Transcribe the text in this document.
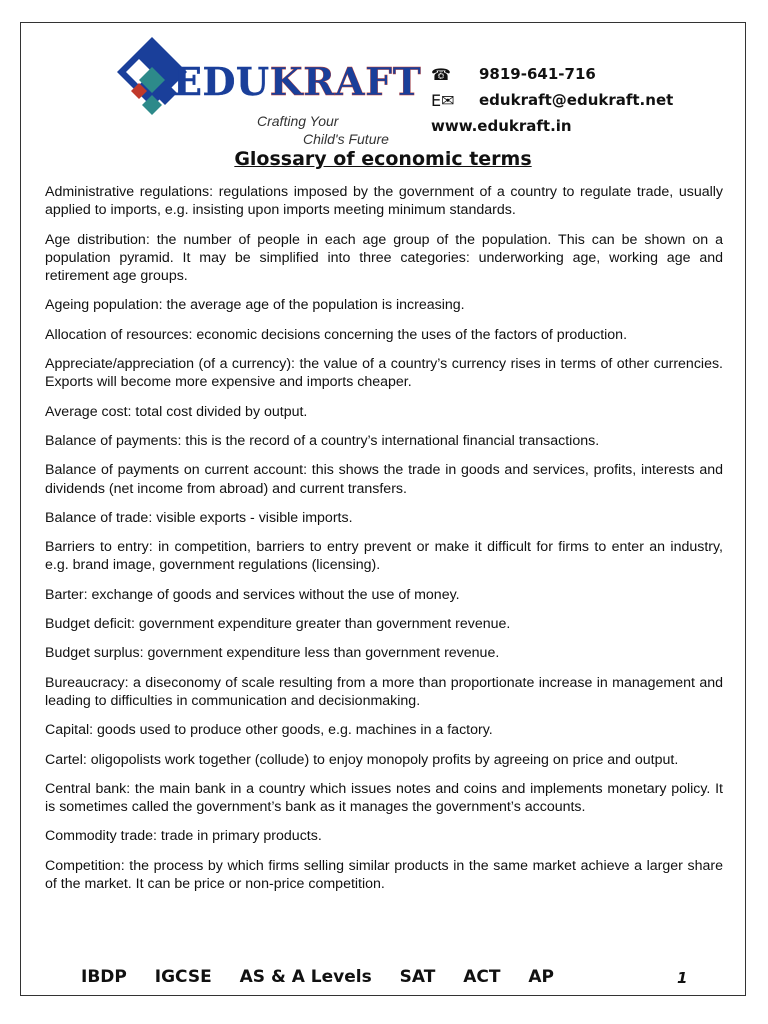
EDUKRAFT
Crafting Your
Child's Future
☎	9819-641-716
E✉	edukraft@edukraft.net
www.edukraft.in
Glossary of economic terms

Administrative regulations: regulations imposed by the government of a country to regulate trade, usually applied to imports, e.g. insisting upon imports meeting minimum standards.

Age distribution: the number of people in each age group of the population. This can be shown on a population pyramid. It may be simplified into three categories: underworking age, working age and retirement age groups.

Ageing population: the average age of the population is increasing.

Allocation of resources: economic decisions concerning the uses of the factors of production.

Appreciate/appreciation (of a currency): the value of a country’s currency rises in terms of other currencies. Exports will become more expensive and imports cheaper.

Average cost: total cost divided by output.

Balance of payments: this is the record of a country’s international financial transactions.

Balance of payments on current account: this shows the trade in goods and services, profits, interests and dividends (net income from abroad) and current transfers.

Balance of trade: visible exports - visible imports.

Barriers to entry: in competition, barriers to entry prevent or make it difficult for firms to enter an industry, e.g. brand image, government regulations (licensing).

Barter: exchange of goods and services without the use of money.

Budget deficit: government expenditure greater than government revenue.

Budget surplus: government expenditure less than government revenue.

Bureaucracy: a diseconomy of scale resulting from a more than proportionate increase in management and leading to difficulties in communication and decisionmaking.

Capital: goods used to produce other goods, e.g. machines in a factory.

Cartel: oligopolists work together (collude) to enjoy monopoly profits by agreeing on price and output.

Central bank: the main bank in a country which issues notes and coins and implements monetary policy. It is sometimes called the government’s bank as it manages the government’s accounts.

Commodity trade: trade in primary products.

Competition: the process by which firms selling similar products in the same market achieve a larger share of the market. It can be price or non-price competition.

IBDP IGCSE AS & A Levels SAT ACT AP	1
